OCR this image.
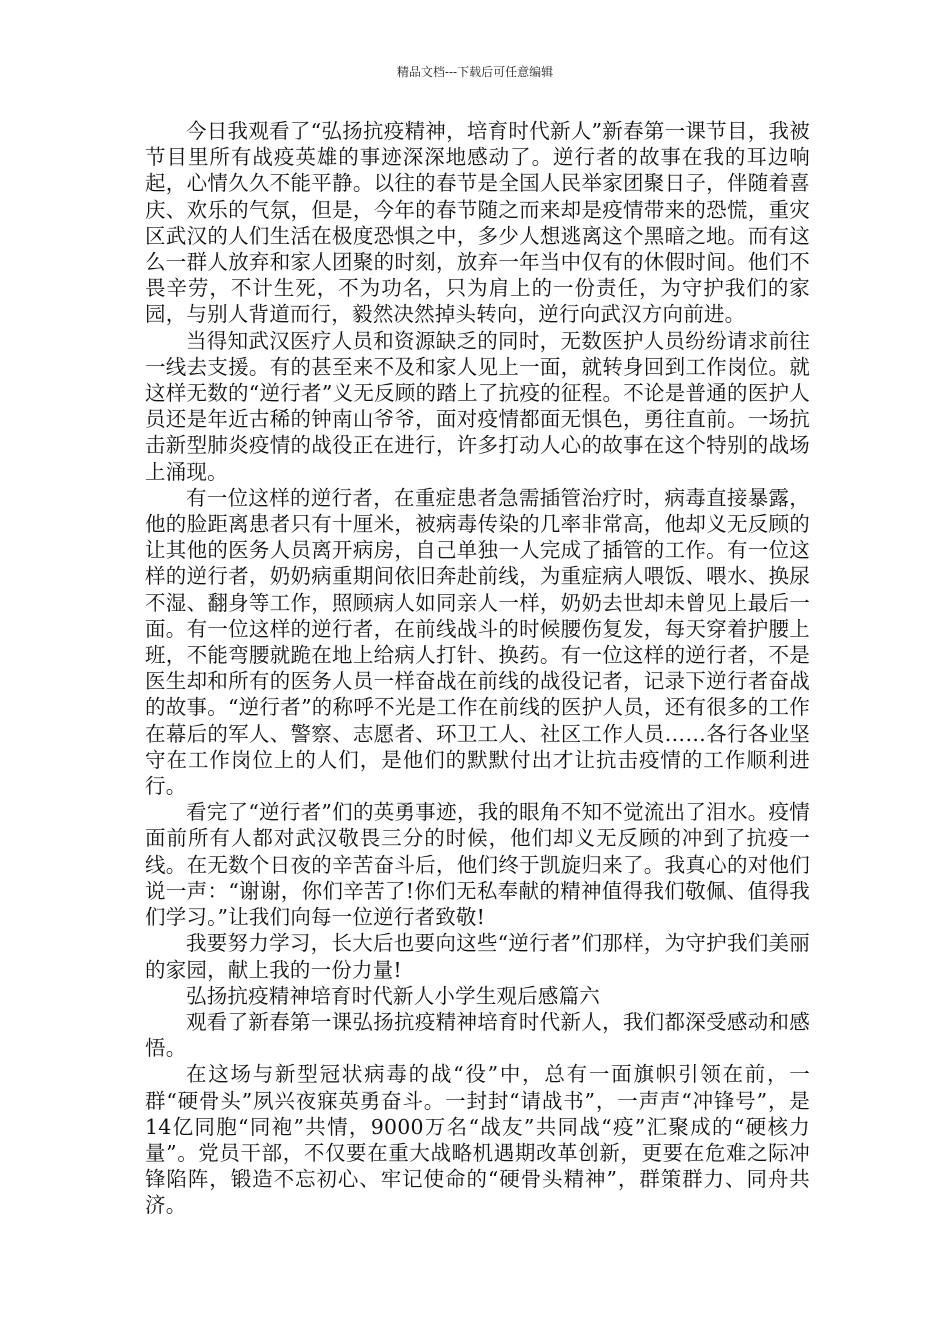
精品文档---下载后可任意编辑

今日我观看了“弘扬抗疫精神，培育时代新人”新春第一课节目，我被节目里所有战疫英雄的事迹深深地感动了。逆行者的故事在我的耳边响起，心情久久不能平静。以往的春节是全国人民举家团聚日子，伴随着喜庆、欢乐的气氛，但是，今年的春节随之而来却是疫情带来的恐慌，重灾区武汉的人们生活在极度恐惧之中，多少人想逃离这个黑暗之地。而有这么一群人放弃和家人团聚的时刻，放弃一年当中仅有的休假时间。他们不畏辛劳，不计生死，不为功名，只为肩上的一份责任，为守护我们的家园，与别人背道而行，毅然决然掉头转向，逆行向武汉方向前进。

当得知武汉医疗人员和资源缺乏的同时，无数医护人员纷纷请求前往一线去支援。有的甚至来不及和家人见上一面，就转身回到工作岗位。就这样无数的“逆行者”义无反顾的踏上了抗疫的征程。不论是普通的医护人员还是年近古稀的钟南山爷爷，面对疫情都面无惧色，勇往直前。一场抗击新型肺炎疫情的战役正在进行，许多打动人心的故事在这个特别的战场上涌现。

有一位这样的逆行者，在重症患者急需插管治疗时，病毒直接暴露，他的脸距离患者只有十厘米，被病毒传染的几率非常高，他却义无反顾的让其他的医务人员离开病房，自己单独一人完成了插管的工作。有一位这样的逆行者，奶奶病重期间依旧奔赴前线，为重症病人喂饭、喂水、换尿不湿、翻身等工作，照顾病人如同亲人一样，奶奶去世却未曾见上最后一面。有一位这样的逆行者，在前线战斗的时候腰伤复发，每天穿着护腰上班，不能弯腰就跪在地上给病人打针、换药。有一位这样的逆行者，不是医生却和所有的医务人员一样奋战在前线的战役记者，记录下逆行者奋战的故事。“逆行者”的称呼不光是工作在前线的医护人员，还有很多的工作在幕后的军人、警察、志愿者、环卫工人、社区工作人员……各行各业坚守在工作岗位上的人们，是他们的默默付出才让抗击疫情的工作顺利进行。

看完了“逆行者”们的英勇事迹，我的眼角不知不觉流出了泪水。疫情面前所有人都对武汉敬畏三分的时候，他们却义无反顾的冲到了抗疫一线。在无数个日夜的辛苦奋斗后，他们终于凯旋归来了。我真心的对他们说一声：“谢谢，你们辛苦了!你们无私奉献的精神值得我们敬佩、值得我们学习。”让我们向每一位逆行者致敬!

我要努力学习，长大后也要向这些“逆行者”们那样，为守护我们美丽的家园，献上我的一份力量!

弘扬抗疫精神培育时代新人小学生观后感篇六

观看了新春第一课弘扬抗疫精神培育时代新人，我们都深受感动和感悟。

在这场与新型冠状病毒的战“役”中，总有一面旗帜引领在前，一群“硬骨头”夙兴夜寐英勇奋斗。一封封“请战书”，一声声“冲锋号”，是14亿同胞“同袍”共情，9000万名“战友”共同战“疫”汇聚成的“硬核力量”。党员干部，不仅要在重大战略机遇期改革创新，更要在危难之际冲锋陷阵，锻造不忘初心、牢记使命的“硬骨头精神”，群策群力、同舟共济。
